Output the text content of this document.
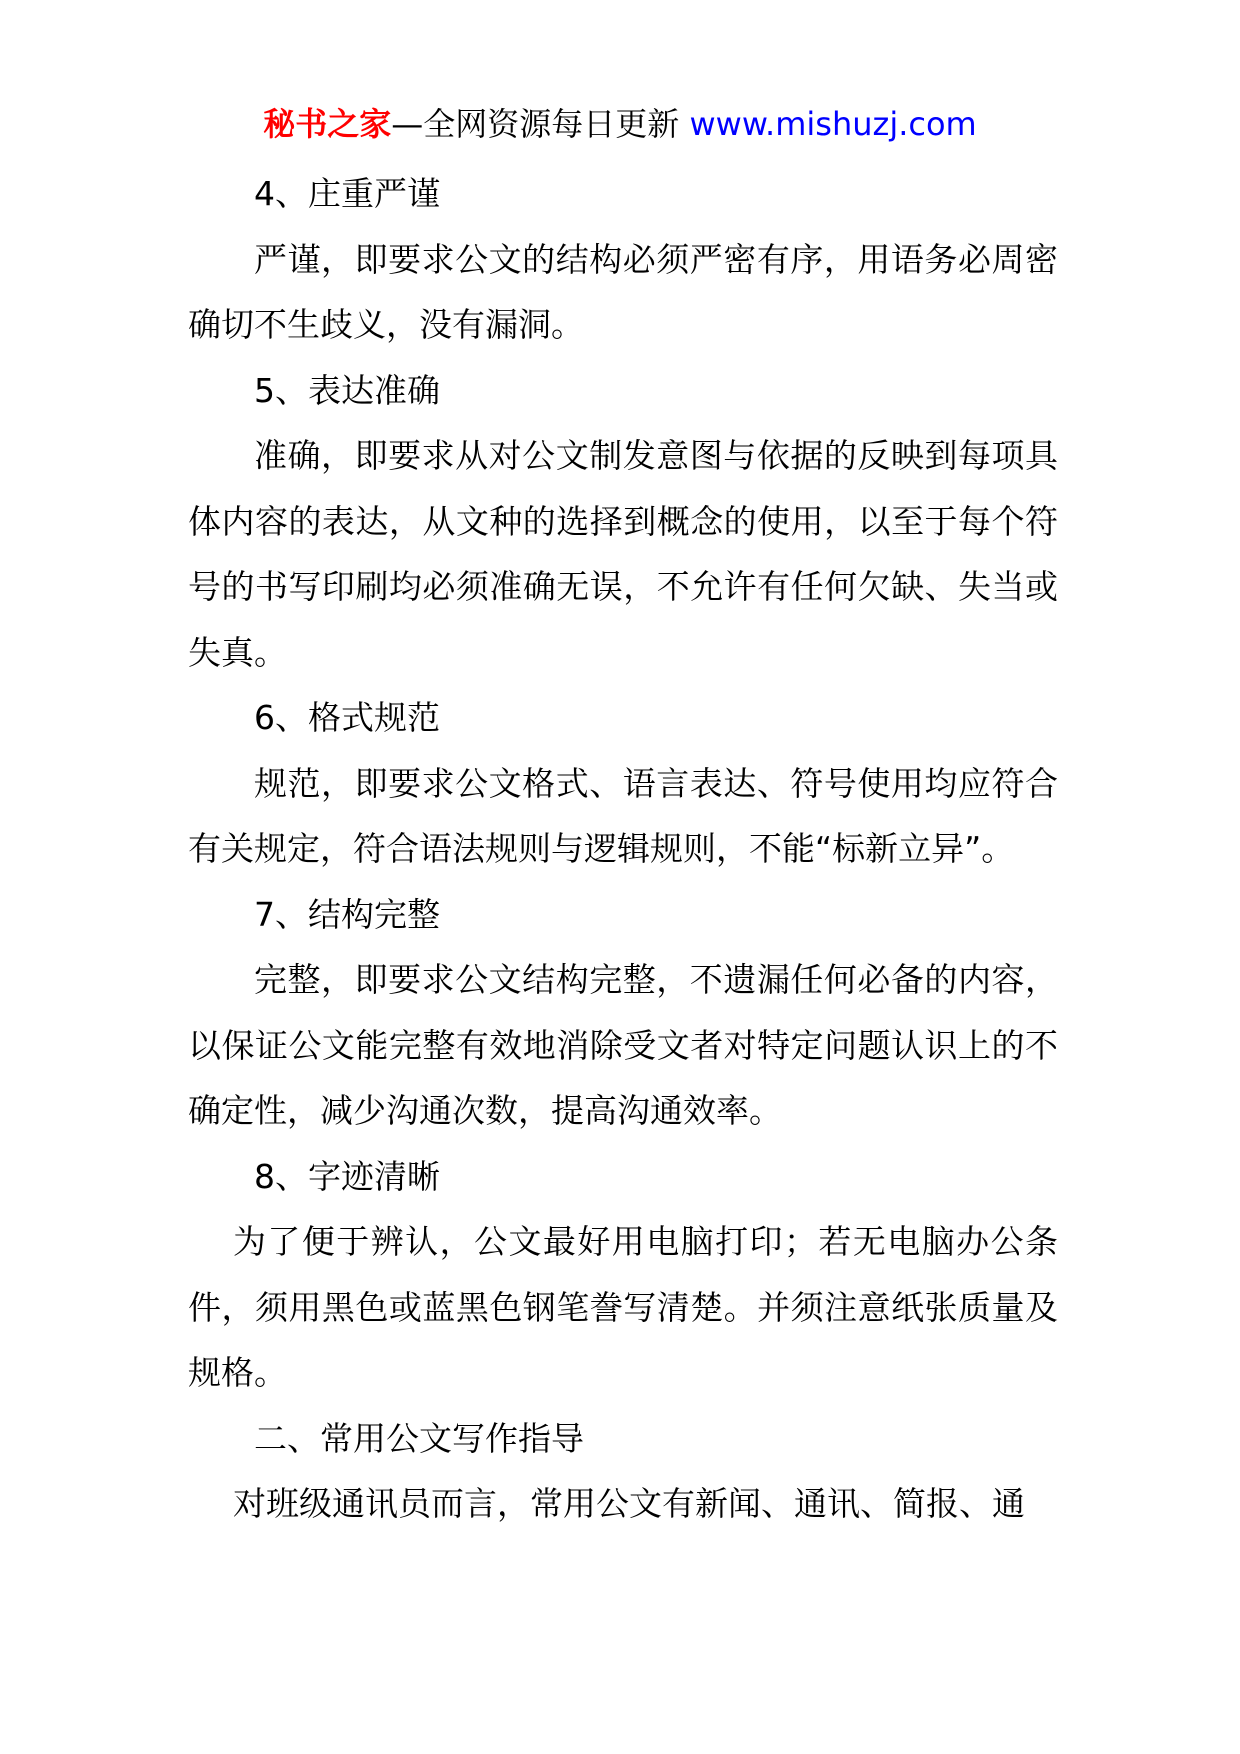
秘书之家—全网资源每日更新 www.mishuzj.com

4、庄重严谨

严谨，即要求公文的结构必须严密有序，用语务必周密确切不生歧义，没有漏洞。

5、表达准确

准确，即要求从对公文制发意图与依据的反映到每项具体内容的表达，从文种的选择到概念的使用，以至于每个符号的书写印刷均必须准确无误，不允许有任何欠缺、失当或失真。

6、格式规范

规范，即要求公文格式、语言表达、符号使用均应符合有关规定，符合语法规则与逻辑规则，不能“标新立异”。

7、结构完整

完整，即要求公文结构完整，不遗漏任何必备的内容，以保证公文能完整有效地消除受文者对特定问题认识上的不确定性，减少沟通次数，提高沟通效率。

8、字迹清晰

为了便于辨认，公文最好用电脑打印；若无电脑办公条件，须用黑色或蓝黑色钢笔誊写清楚。并须注意纸张质量及规格。

二、常用公文写作指导

对班级通讯员而言，常用公文有新闻、通讯、简报、通
